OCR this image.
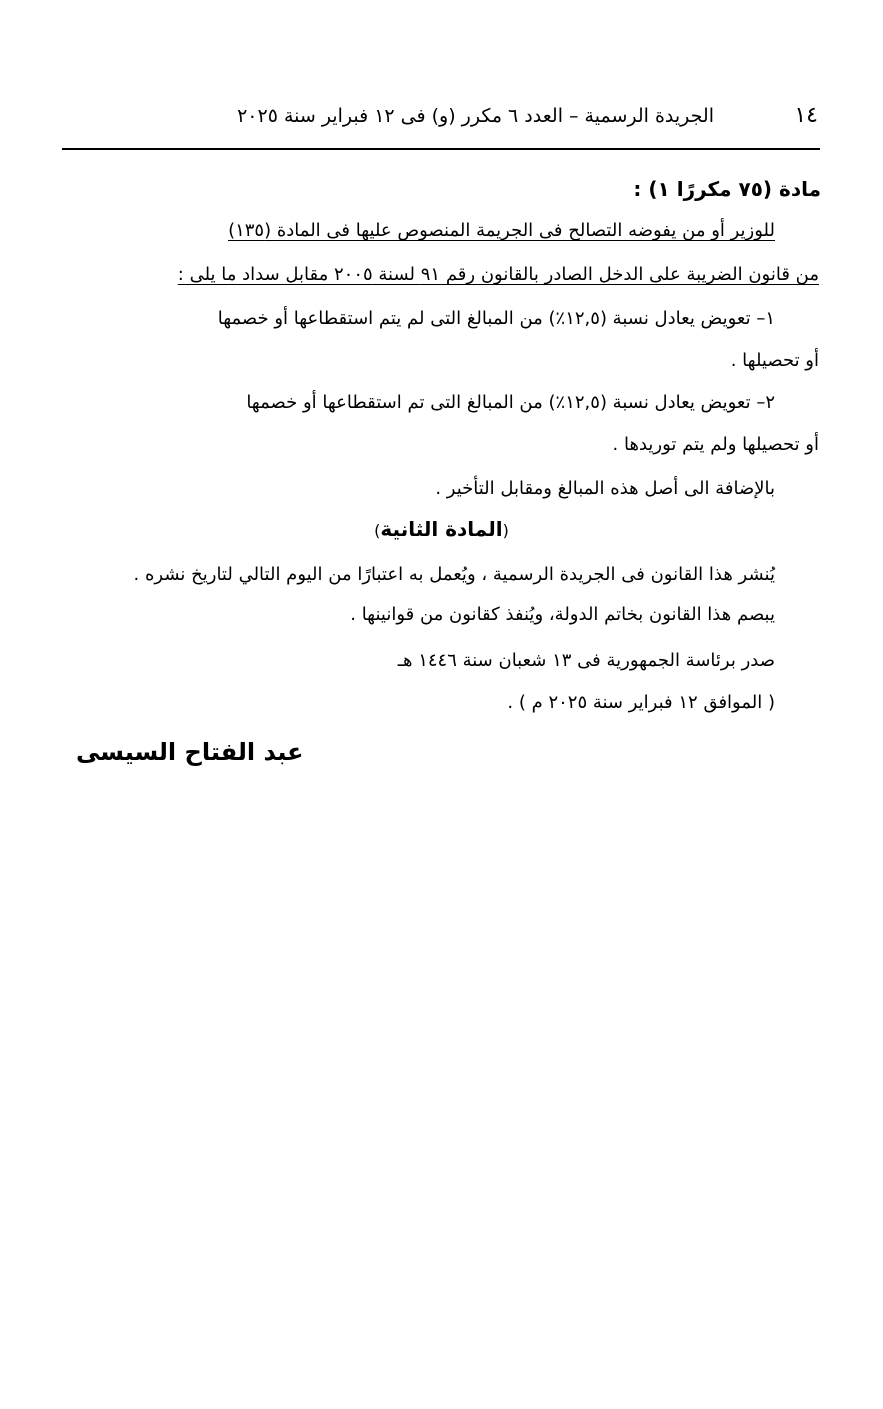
١٤
الجريدة الرسمية – العدد ٦ مكرر (و) فى ١٢ فبراير سنة ٢٠٢٥
مادة (٧٥ مكررًا ١) :
للوزير أو من يفوضه التصالح فى الجريمة المنصوص عليها فى المادة (١٣٥)
من قانون الضريبة على الدخل الصادر بالقانون رقم ٩١ لسنة ٢٠٠٥ مقابل سداد ما يلى :
١– تعويض يعادل نسبة (١٢,٥٪) من المبالغ التى لم يتم استقطاعها أو خصمها
أو تحصيلها .
٢– تعويض يعادل نسبة (١٢,٥٪) من المبالغ التى تم استقطاعها أو خصمها
أو تحصيلها ولم يتم توريدها .
بالإضافة الى أصل هذه المبالغ ومقابل التأخير .
(المادة الثانية)
يُنشر هذا القانون فى الجريدة الرسمية ، ويُعمل به اعتبارًا من اليوم التالي لتاريخ نشره .
يبصم هذا القانون بخاتم الدولة، ويُنفذ كقانون من قوانينها .
صدر برئاسة الجمهورية فى ١٣ شعبان سنة ١٤٤٦ هـ
( الموافق ١٢ فبراير سنة ٢٠٢٥ م ) .
عبد الفتاح السيسى
